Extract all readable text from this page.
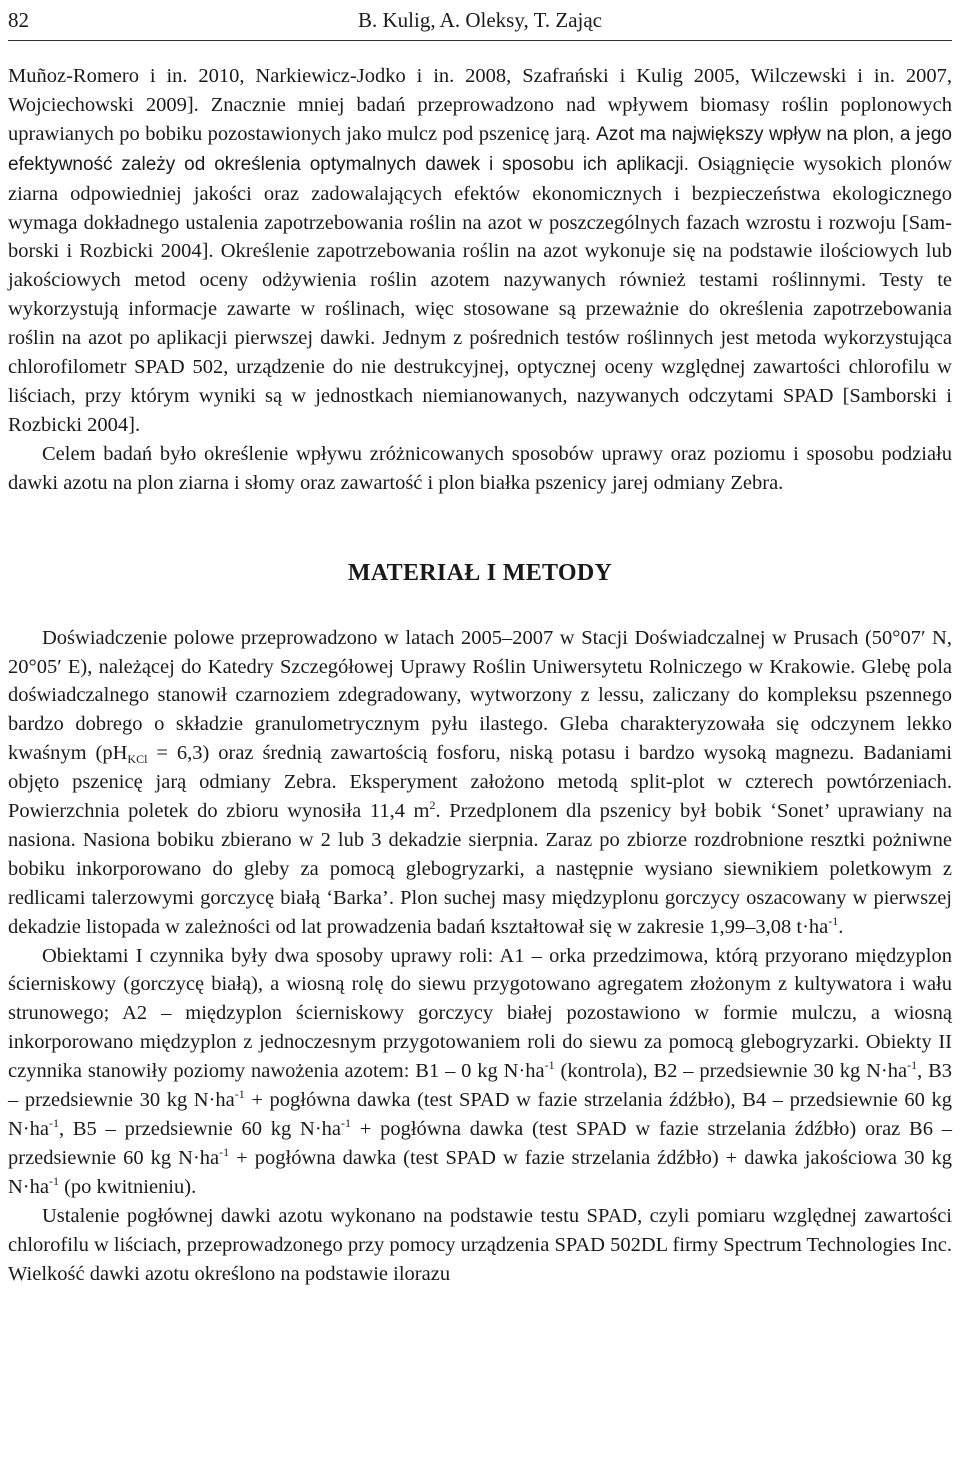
82	B. Kulig, A. Oleksy, T. Zając

Muñoz-Romero i in. 2010, Narkiewicz-Jodko i in. 2008, Szafrański i Kulig 2005, Wilczewski i in. 2007, Wojciechowski 2009]. Znacznie mniej badań przeprowadzono nad wpływem biomasy roślin poplonowych uprawianych po bobiku pozostawionych jako mulcz pod pszenicę jarą. Azot ma największy wpływ na plon, a jego efektywność zależy od określenia optymalnych dawek i sposobu ich aplikacji. Osiągnięcie wysokich plonów ziarna odpowiedniej jakości oraz zadowalających efektów ekonomicznych i bezpieczeństwa ekologicznego wymaga dokładnego ustalenia zapotrzebowania roślin na azot w poszczególnych fazach wzrostu i rozwoju [Samborski i Rozbicki 2004]. Określenie zapotrzebowania roślin na azot wykonuje się na podstawie ilościowych lub jakościowych metod oceny odżywienia roślin azotem nazywanych również testami roślinnymi. Testy te wykorzystują informacje zawarte w roślinach, więc stosowane są przeważnie do określenia zapotrzebowania roślin na azot po aplikacji pierwszej dawki. Jednym z pośrednich testów roślinnych jest metoda wykorzystująca chlorofilometr SPAD 502, urządzenie do nie destrukcyjnej, optycznej oceny względnej zawartości chlorofilu w liściach, przy którym wyniki są w jednostkach niemianowanych, nazywanych odczytami SPAD [Samborski i Rozbicki 2004].

Celem badań było określenie wpływu zróżnicowanych sposobów uprawy oraz poziomu i sposobu podziału dawki azotu na plon ziarna i słomy oraz zawartość i plon białka pszenicy jarej odmiany Zebra.

MATERIAŁ I METODY

Doświadczenie polowe przeprowadzono w latach 2005–2007 w Stacji Doświadczalnej w Prusach (50°07′ N, 20°05′ E), należącej do Katedry Szczegółowej Uprawy Roślin Uniwersytetu Rolniczego w Krakowie. Glebę pola doświadczalnego stanowił czarnoziem zdegradowany, wytworzony z lessu, zaliczany do kompleksu pszennego bardzo dobrego o składzie granulometrycznym pyłu ilastego. Gleba charakteryzowała się odczynem lekko kwaśnym $(pH_{KCl} = 6,3)$ oraz średnią zawartością fosforu, niską potasu i bardzo wysoką magnezu. Badaniami objęto pszenicę jarą odmiany Zebra. Eksperyment założono metodą split-plot w czterech powtórzeniach. Powierzchnia poletek do zbioru wynosiła 11,4 $m^2$. Przedplonem dla pszenicy był bobik ‘Sonet’ uprawiany na nasiona. Nasiona bobiku zbierano w 2 lub 3 dekadzie sierpnia. Zaraz po zbiorze rozdrobnione resztki pożniwne bobiku inkorporowano do gleby za pomocą glebogryzarki, a następnie wysiano siewnikiem poletkowym z redlicami talerzowymi gorczycę białą ‘Barka’. Plon suchej masy międzyplonu gorczycy oszacowany w pierwszej dekadzie listopada w zależności od lat prowadzenia badań kształtował się w zakresie 1,99–3,08 $t\cdot ha^{-1}$.

Obiektami I czynnika były dwa sposoby uprawy roli: A1 – orka przedzimowa, którą przyorano międzyplon ścierniskowy (gorczycę białą), a wiosną rolę do siewu przygotowano agregatem złożonym z kultywatora i wału strunowego; A2 – międzyplon ścierniskowy gorczycy białej pozostawiono w formie mulczu, a wiosną inkorporowano międzyplon z jednoczesnym przygotowaniem roli do siewu za pomocą glebogryzarki. Obiekty II czynnika stanowiły poziomy nawożenia azotem: B1 – 0 kg $N\cdot ha^{-1}$ (kontrola), B2 – przedsiewnie 30 kg $N\cdot ha^{-1}$, B3 – przedsiewnie 30 kg $N\cdot ha^{-1}$ + pogłówna dawka (test SPAD w fazie strzelania źdźbło), B4 – przedsiewnie 60 kg $N\cdot ha^{-1}$, B5 – przedsiewnie 60 kg $N\cdot ha^{-1}$ + pogłówna dawka (test SPAD w fazie strzelania źdźbło) oraz B6 – przedsiewnie 60 kg $N\cdot ha^{-1}$ + pogłówna dawka (test SPAD w fazie strzelania źdźbło) + dawka jakościowa 30 kg $N\cdot ha^{-1}$ (po kwitnieniu).

Ustalenie pogłównej dawki azotu wykonano na podstawie testu SPAD, czyli pomiaru względnej zawartości chlorofilu w liściach, przeprowadzonego przy pomocy urządzenia SPAD 502DL firmy Spectrum Technologies Inc. Wielkość dawki azotu określono na podstawie ilorazu
